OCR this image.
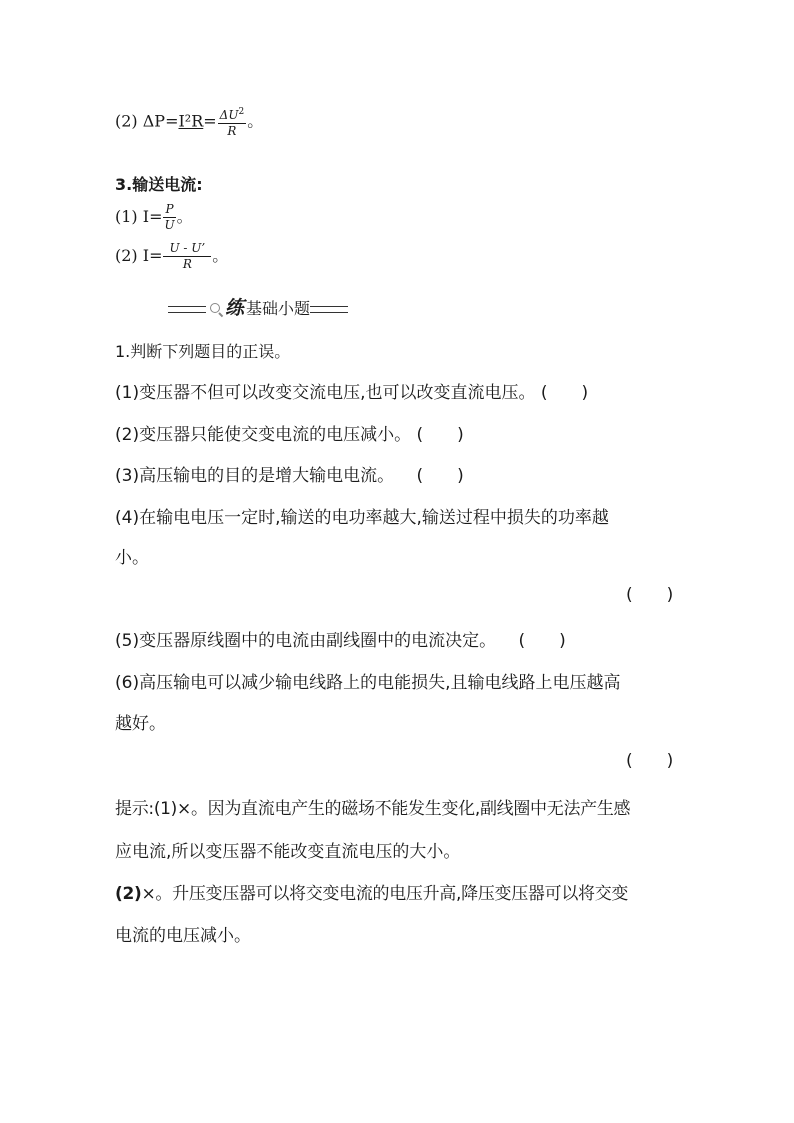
(2) $\Delta P=I^2R= \frac{\Delta U^2}{R}$ 。
3.输送电流:
(1) $I= \frac{P}{U}$ 。
(2) $I= \frac{U - U’}{R}$ 。
练 基础小题
1.判断下列题目的正误。
(1)变压器不但可以改变交流电压,也可以改变直流电压。 (  )
(2)变压器只能使交变电流的电压减小。 (  )
(3)高压输电的目的是增大输电电流。  (  )
(4)在输电电压一定时,输送的电功率越大,输送过程中损失的功率越
小。
(  )
(5)变压器原线圈中的电流由副线圈中的电流决定。  (  )
(6)高压输电可以减少输电线路上的电能损失,且输电线路上电压越高
越好。
(  )
提示:(1)×。因为直流电产生的磁场不能发生变化,副线圈中无法产生感
应电流,所以变压器不能改变直流电压的大小。
(2)×。升压变压器可以将交变电流的电压升高,降压变压器可以将交变
电流的电压减小。
